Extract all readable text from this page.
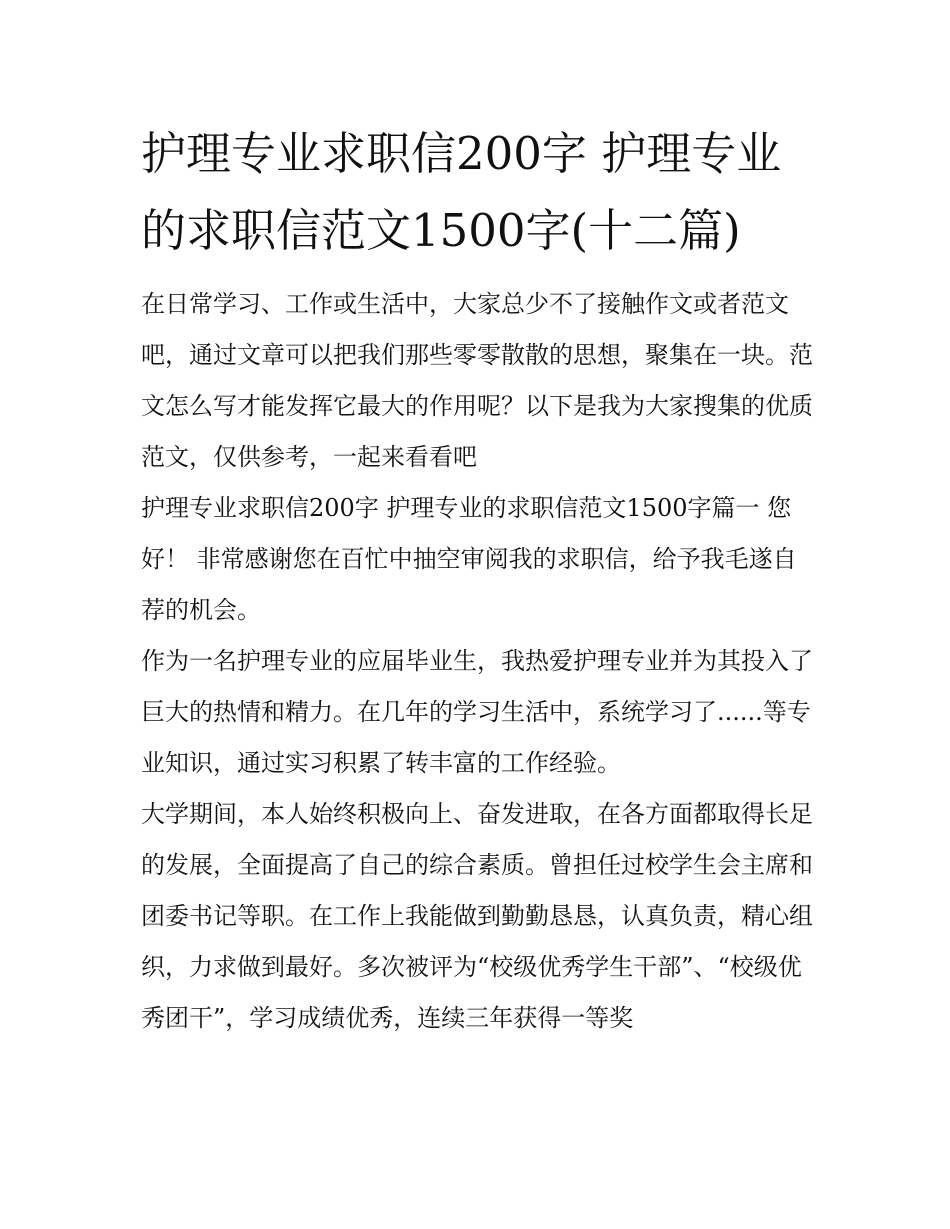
护理专业求职信200字 护理专业的求职信范文1500字(十二篇)

在日常学习、工作或生活中，大家总少不了接触作文或者范文吧，通过文章可以把我们那些零零散散的思想，聚集在一块。范文怎么写才能发挥它最大的作用呢？以下是我为大家搜集的优质范文，仅供参考，一起来看看吧

护理专业求职信200字 护理专业的求职信范文1500字篇一 您好！ 非常感谢您在百忙中抽空审阅我的求职信，给予我毛遂自荐的机会。

作为一名护理专业的应届毕业生，我热爱护理专业并为其投入了巨大的热情和精力。在几年的学习生活中，系统学习了......等专业知识，通过实习积累了转丰富的工作经验。

大学期间，本人始终积极向上、奋发进取，在各方面都取得长足的发展，全面提高了自己的综合素质。曾担任过校学生会主席和团委书记等职。在工作上我能做到勤勤恳恳，认真负责，精心组织，力求做到最好。多次被评为“校级优秀学生干部”、“校级优秀团干”，学习成绩优秀，连续三年获得一等奖
